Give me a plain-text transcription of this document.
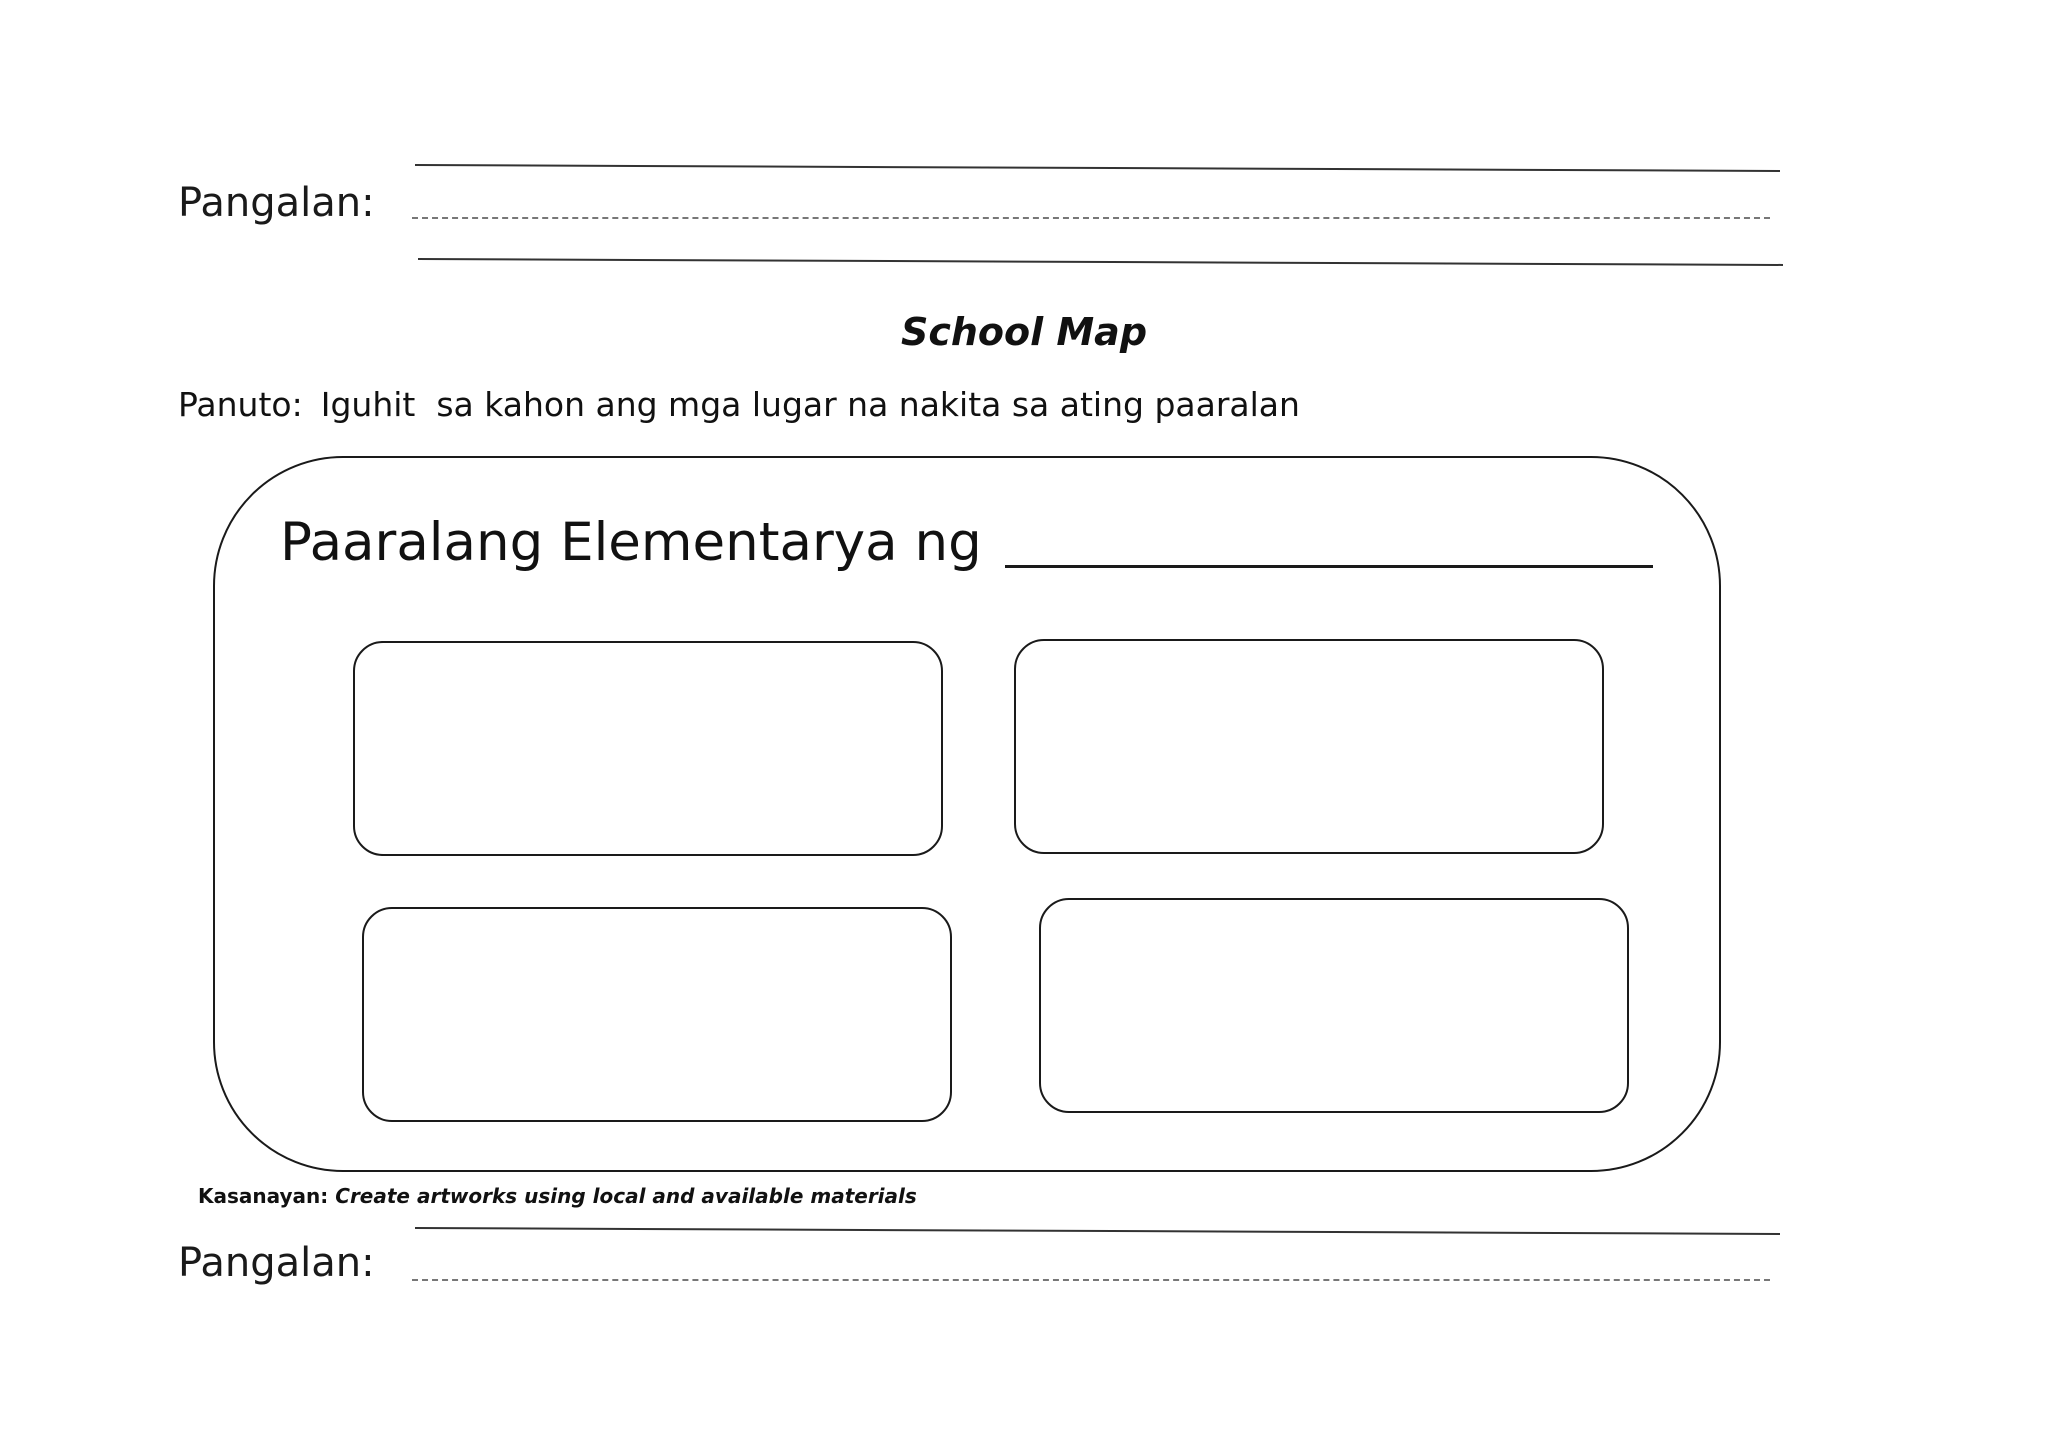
Pangalan:
School Map
Panuto: Iguhit  sa kahon ang mga lugar na nakita sa ating paaralan
Paaralang Elementarya ng
Kasanayan: Create artworks using local and available materials
Pangalan:
